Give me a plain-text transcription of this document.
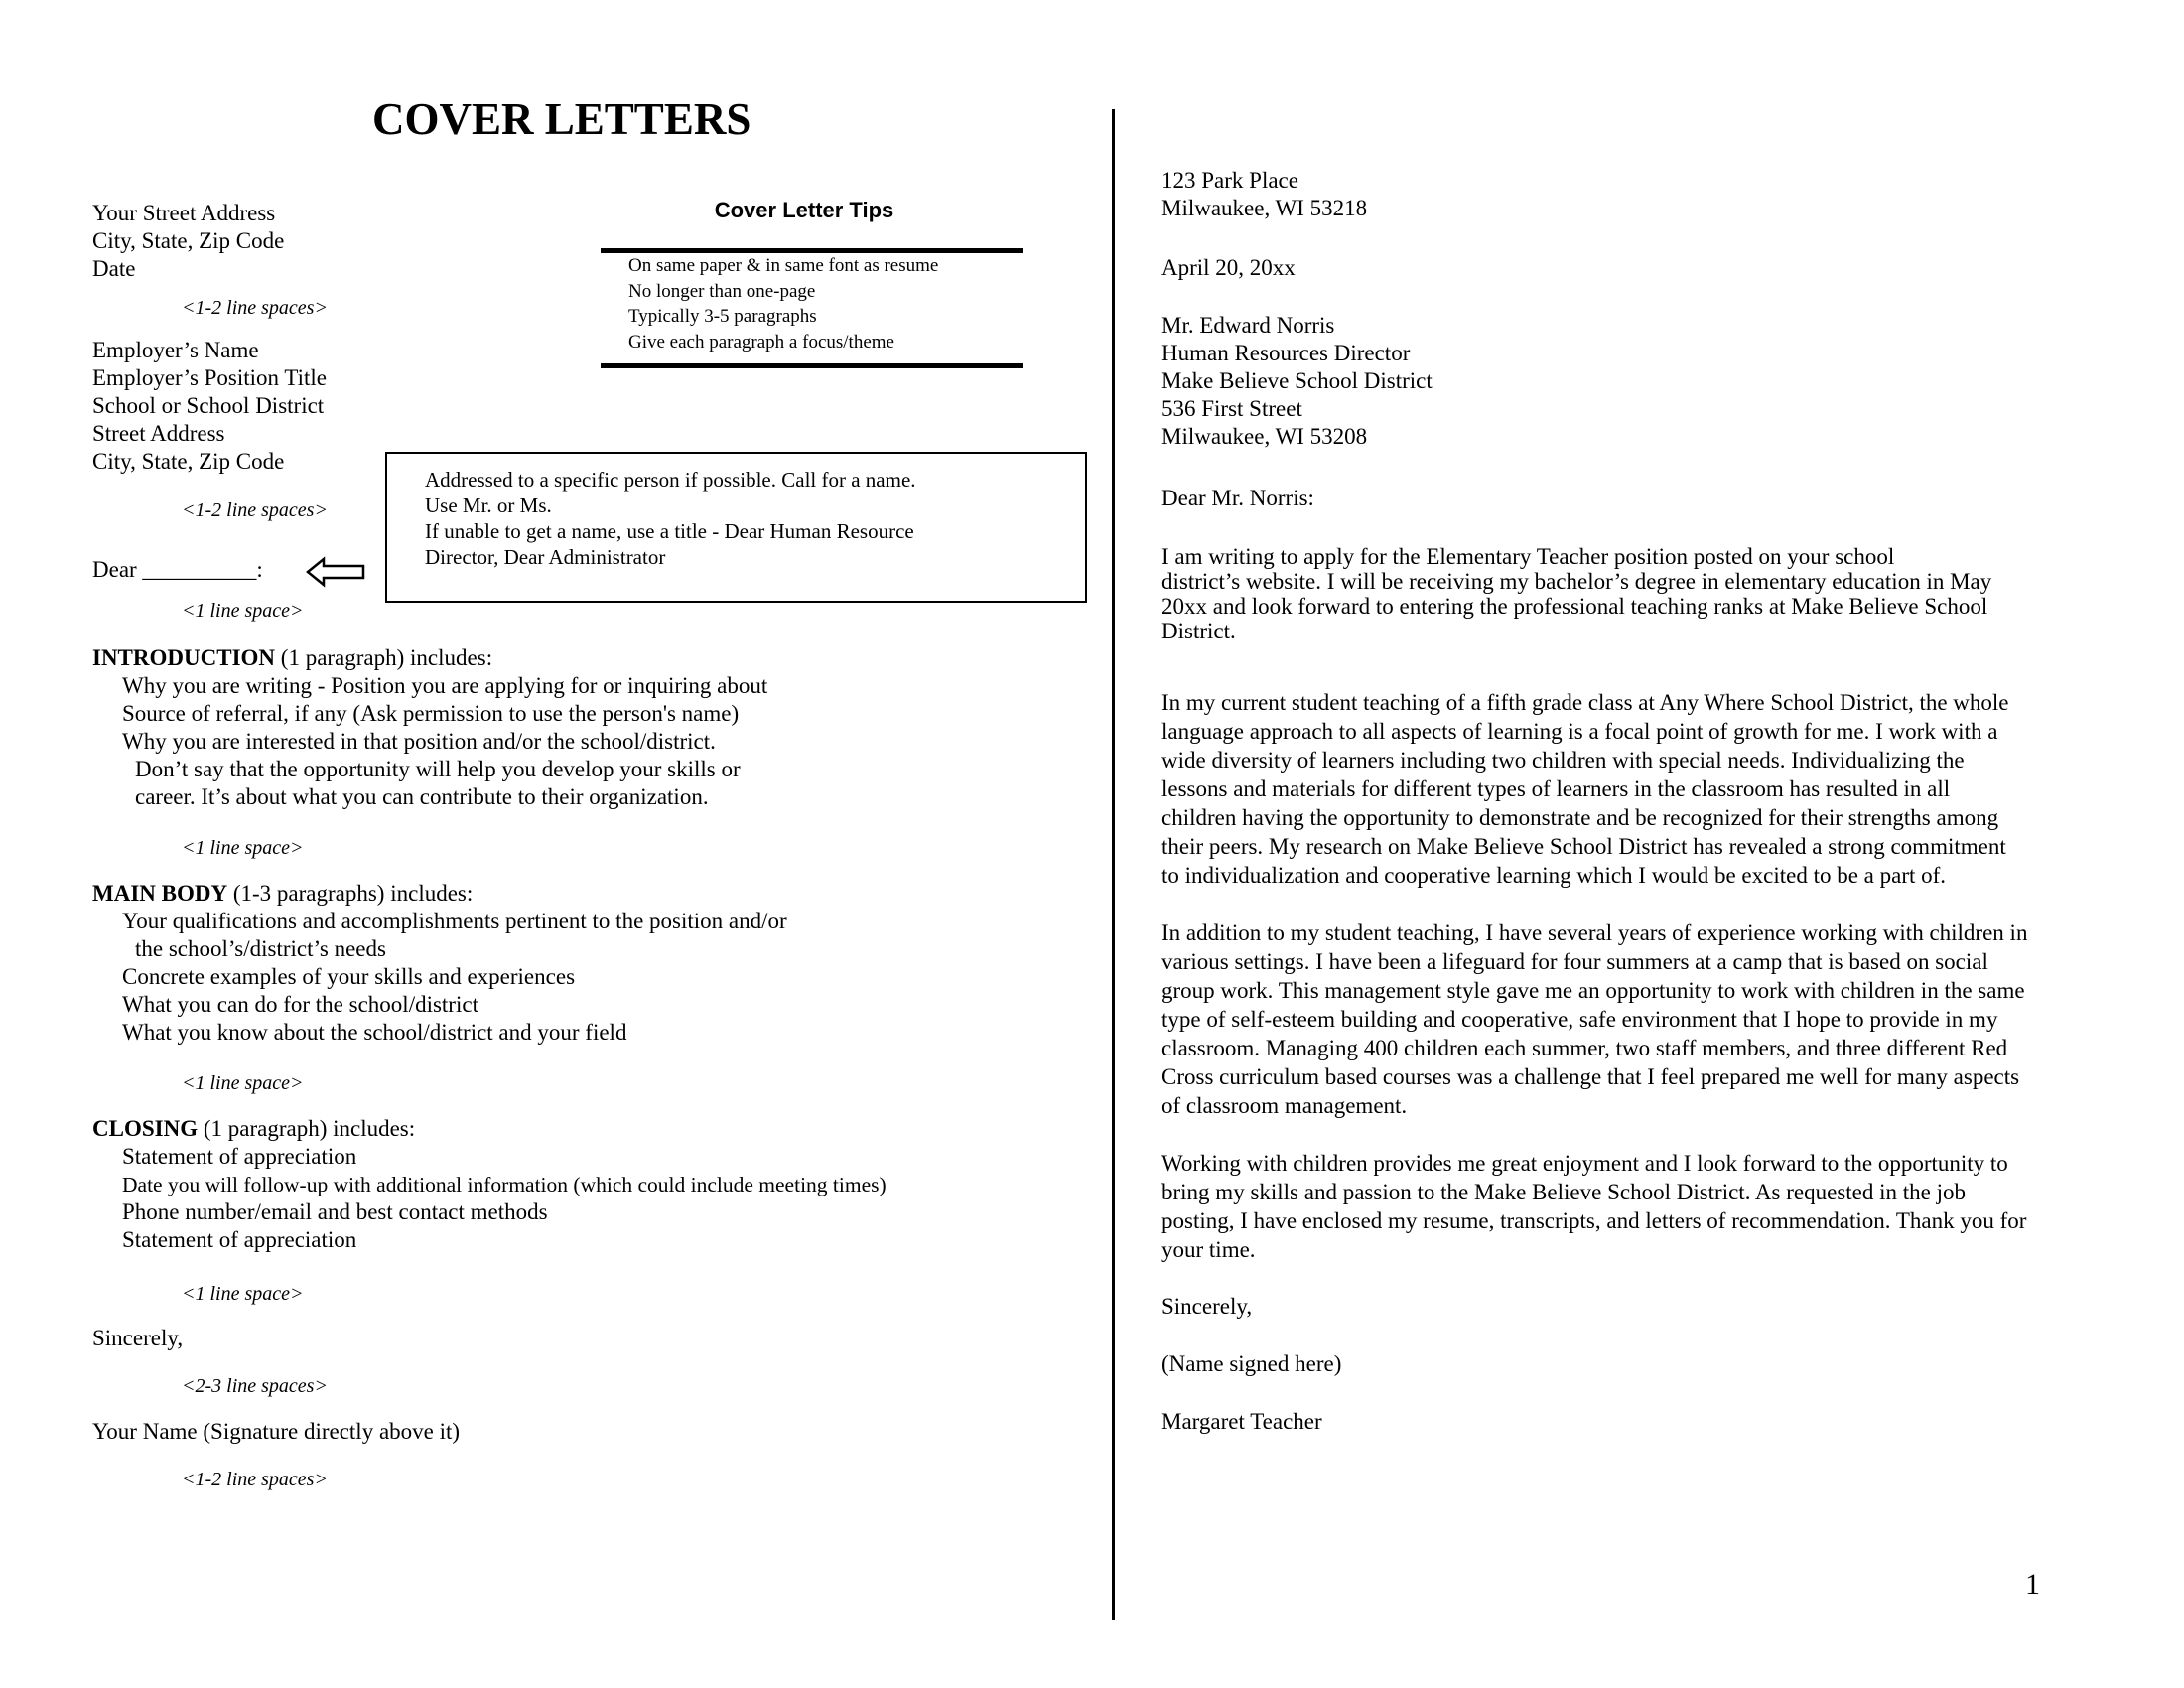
COVER LETTERS
Your Street Address
City, State, Zip Code
Date
<1-2 line spaces>
Employer’s Name
Employer’s Position Title
School or School District
Street Address
City, State, Zip Code
<1-2 line spaces>
Dear __________:
<1 line space>
Cover Letter Tips
On same paper & in same font as resume
No longer than one-page
Typically 3-5 paragraphs
Give each paragraph a focus/theme
Addressed to a specific person if possible. Call for a name.
Use Mr. or Ms.
If unable to get a name, use a title - Dear Human Resource
Director, Dear Administrator
INTRODUCTION (1 paragraph) includes:
Why you are writing - Position you are applying for or inquiring about
Source of referral, if any (Ask permission to use the person's name)
Why you are interested in that position and/or the school/district.
Don’t say that the opportunity will help you develop your skills or
career. It’s about what you can contribute to their organization.
<1 line space>
MAIN BODY (1-3 paragraphs) includes:
Your qualifications and accomplishments pertinent to the position and/or
the school’s/district’s needs
Concrete examples of your skills and experiences
What you can do for the school/district
What you know about the school/district and your field
<1 line space>
CLOSING (1 paragraph) includes:
Statement of appreciation
Date you will follow-up with additional information (which could include meeting times)
Phone number/email and best contact methods
Statement of appreciation
<1 line space>
Sincerely,
<2-3 line spaces>
Your Name (Signature directly above it)
<1-2 line spaces>
123 Park Place
Milwaukee, WI 53218
April 20, 20xx
Mr. Edward Norris
Human Resources Director
Make Believe School District
536 First Street
Milwaukee, WI 53208
Dear Mr. Norris:
I am writing to apply for the Elementary Teacher position posted on your school
district’s website. I will be receiving my bachelor’s degree in elementary education in May
20xx and look forward to entering the professional teaching ranks at Make Believe School
District.
In my current student teaching of a fifth grade class at Any Where School District, the whole
language approach to all aspects of learning is a focal point of growth for me. I work with a
wide diversity of learners including two children with special needs. Individualizing the
lessons and materials for different types of learners in the classroom has resulted in all
children having the opportunity to demonstrate and be recognized for their strengths among
their peers. My research on Make Believe School District has revealed a strong commitment
to individualization and cooperative learning which I would be excited to be a part of.
In addition to my student teaching, I have several years of experience working with children in
various settings. I have been a lifeguard for four summers at a camp that is based on social
group work. This management style gave me an opportunity to work with children in the same
type of self-esteem building and cooperative, safe environment that I hope to provide in my
classroom. Managing 400 children each summer, two staff members, and three different Red
Cross curriculum based courses was a challenge that I feel prepared me well for many aspects
of classroom management.
Working with children provides me great enjoyment and I look forward to the opportunity to
bring my skills and passion to the Make Believe School District. As requested in the job
posting, I have enclosed my resume, transcripts, and letters of recommendation. Thank you for
your time.
Sincerely,
(Name signed here)
Margaret Teacher
1
